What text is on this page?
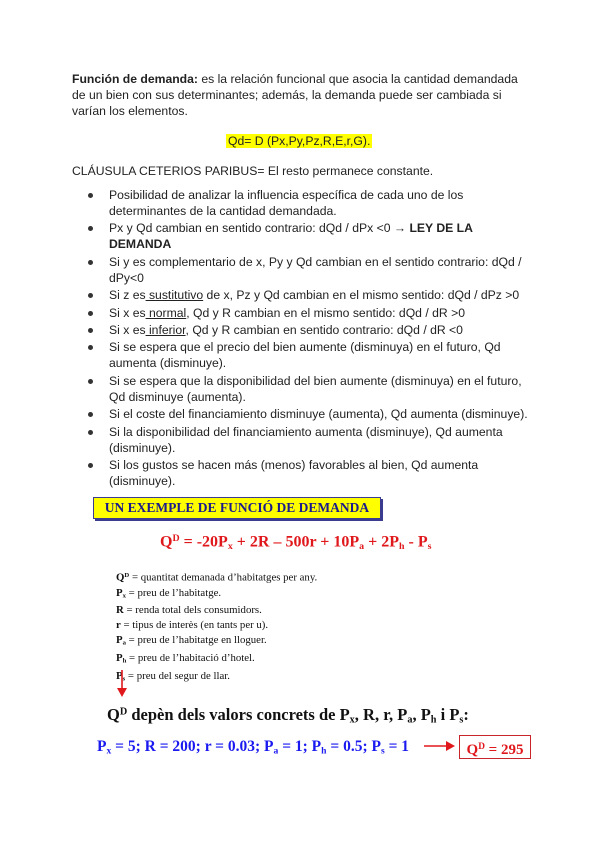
Función de demanda: es la relación funcional que asocia la cantidad demandada
de un bien con sus determinantes; además, la demanda puede ser cambiada si
varían los elementos.
Qd= D (Px,Py,Pz,R,E,r,G).
CLÁUSULA CETERIOS PARIBUS= El resto permanece constante.
Posibilidad de analizar la influencia específica de cada uno de los determinantes de la cantidad demandada.
Px y Qd cambian en sentido contrario: dQd / dPx <0 → LEY DE LA DEMANDA
Si y es complementario de x, Py y Qd cambian en el sentido contrario: dQd / dPy<0
Si z es sustitutivo de x, Pz y Qd cambian en el mismo sentido: dQd / dPz >0
Si x es normal, Qd y R cambian en el mismo sentido: dQd / dR >0
Si x es inferior, Qd y R cambian en sentido contrario: dQd / dR <0
Si se espera que el precio del bien aumente (disminuya) en el futuro, Qd aumenta (disminuye).
Si se espera que la disponibilidad del bien aumente (disminuya) en el futuro, Qd disminuye (aumenta).
Si el coste del financiamiento disminuye (aumenta), Qd aumenta (disminuye).
Si la disponibilidad del financiamiento aumenta (disminuye), Qd aumenta (disminuye).
Si los gustos se hacen más (menos) favorables al bien, Qd aumenta (disminuye).
UN EXEMPLE DE FUNCIÓ DE DEMANDA
$Q^D = -20P_x + 2R - 500r + 10P_a + 2P_h - P_s$
$Q^D$ = quantitat demanada d’habitatges per any.
$P_x$ = preu de l’habitatge.
R = renda total dels consumidors.
r = tipus de interès (en tants per u).
$P_a$ = preu de l’habitatge en lloguer.
$P_h$ = preu de l’habitació d’hotel.
$P_s$ = preu del segur de llar.
$Q^D$ depèn dels valors concrets de $P_x$, R, r, $P_a$, $P_h$ i $P_s$:
$P_x = 5$; R = 200; r = 0.03; $P_a = 1$; $P_h = 0.5$; $P_s = 1$	$Q^D = 295$
